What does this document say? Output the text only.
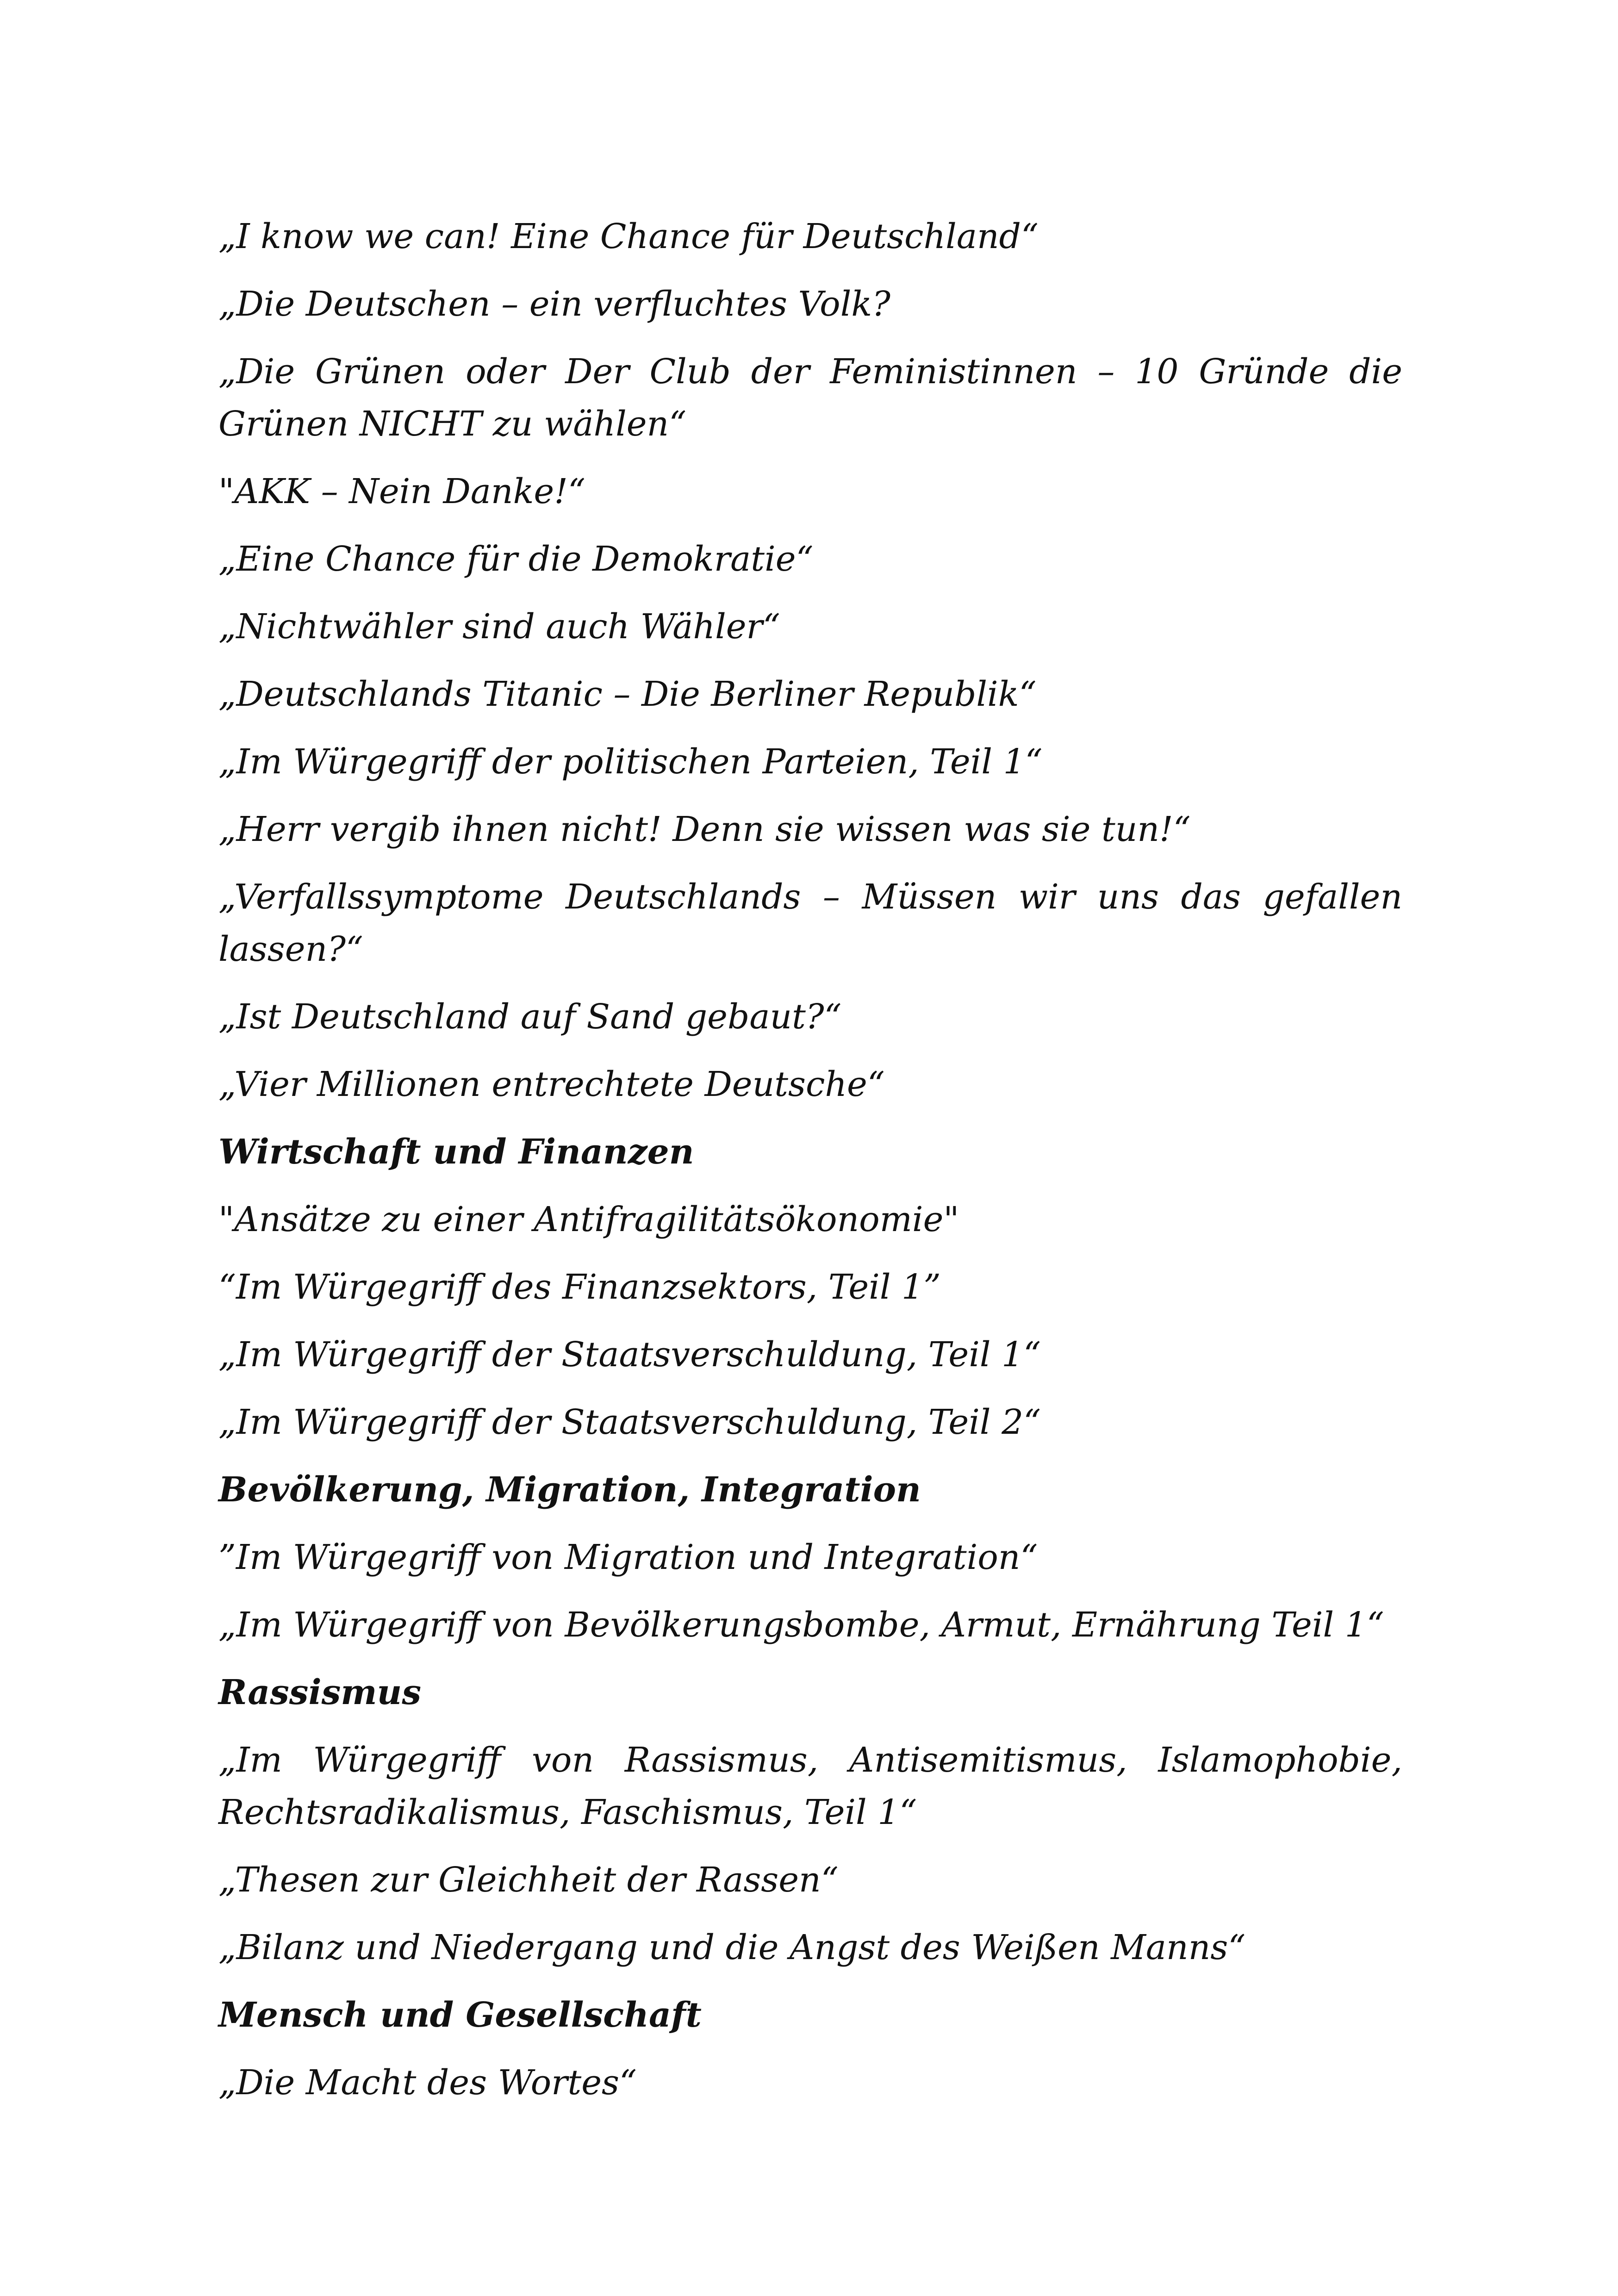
„I know we can! Eine Chance für Deutschland“

„Die Deutschen – ein verfluchtes Volk?

„Die Grünen oder Der Club der Feministinnen – 10 Gründe die Grünen NICHT zu wählen“

"AKK – Nein Danke!“

„Eine Chance für die Demokratie“

„Nichtwähler sind auch Wähler“

„Deutschlands Titanic – Die Berliner Republik“

„Im Würgegriff der politischen Parteien, Teil 1“

„Herr vergib ihnen nicht! Denn sie wissen was sie tun!“

„Verfallssymptome Deutschlands – Müssen wir uns das gefallen lassen?“

„Ist Deutschland auf Sand gebaut?“

„Vier Millionen entrechtete Deutsche“

Wirtschaft und Finanzen

"Ansätze zu einer Antifragilitätsökonomie"

“Im Würgegriff des Finanzsektors, Teil 1”

„Im Würgegriff der Staatsverschuldung, Teil 1“

„Im Würgegriff der Staatsverschuldung, Teil 2“

Bevölkerung, Migration, Integration

”Im Würgegriff von Migration und Integration“

„Im Würgegriff von Bevölkerungsbombe, Armut, Ernährung Teil 1“

Rassismus

„Im Würgegriff von Rassismus, Antisemitismus, Islamophobie, Rechtsradikalismus, Faschismus, Teil 1“

„Thesen zur Gleichheit der Rassen“

„Bilanz und Niedergang und die Angst des Weißen Manns“

Mensch und Gesellschaft

„Die Macht des Wortes“
